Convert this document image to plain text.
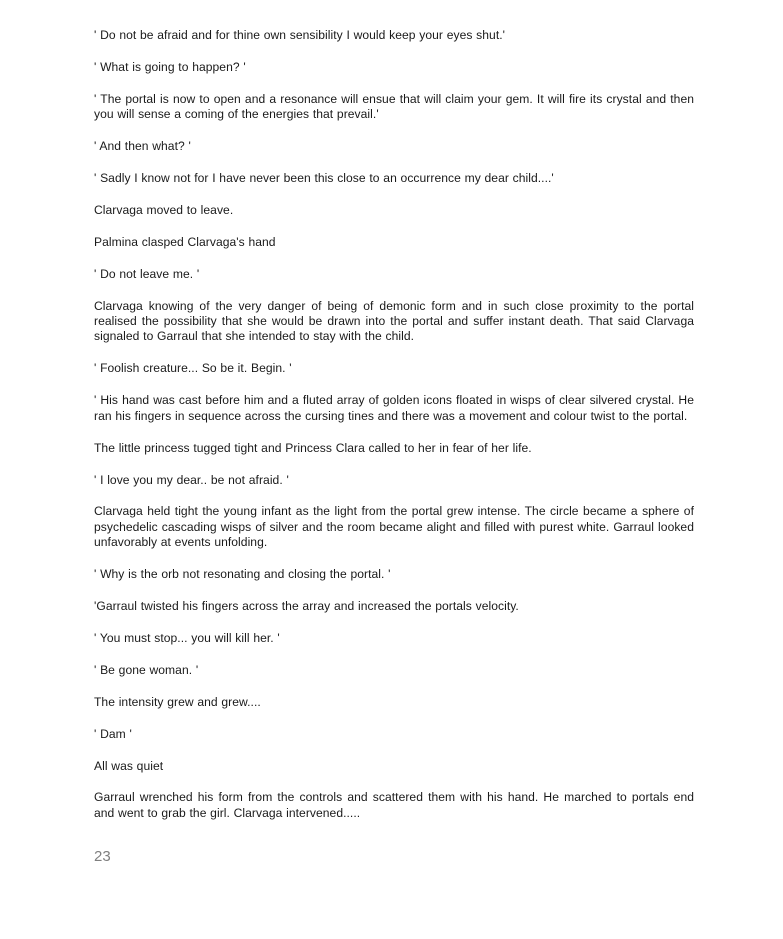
' Do not be afraid and for thine own sensibility I would keep your eyes shut.'

' What is going to happen? '

' The portal is now to open and a resonance will ensue that will claim your gem. It will fire its crystal and then you will sense a coming of the energies that prevail.'

' And then what? '

' Sadly I know not for I have never been this close to an occurrence my dear child....'

Clarvaga moved to leave.

Palmina clasped Clarvaga's hand

' Do not leave me. '

Clarvaga knowing of the very danger of being of demonic form and in such close proximity to the portal realised the possibility that she would be drawn into the portal and suffer instant death. That said Clarvaga signaled to Garraul that she intended to stay with the child.

' Foolish creature... So be it. Begin. '

' His hand was cast before him and a fluted array of golden icons floated in wisps of clear silvered crystal. He ran his fingers in sequence across the cursing tines and there was a movement and colour twist to the portal.

The little princess tugged tight and Princess Clara called to her in fear of her life.

' I love you my dear.. be not afraid. '

Clarvaga held tight the young infant as the light from the portal grew intense. The circle became a sphere of psychedelic cascading wisps of silver and the room became alight and filled with purest white. Garraul looked unfavorably at events unfolding.

' Why is the orb not resonating and closing the portal. '

'Garraul twisted his fingers across the array and increased the portals velocity.

' You must stop... you will kill her. '

' Be gone woman. '

The intensity grew and grew....

' Dam '

All was quiet

Garraul wrenched his form from the controls and scattered them with his hand. He marched to portals end and went to grab the girl. Clarvaga intervened.....

23
